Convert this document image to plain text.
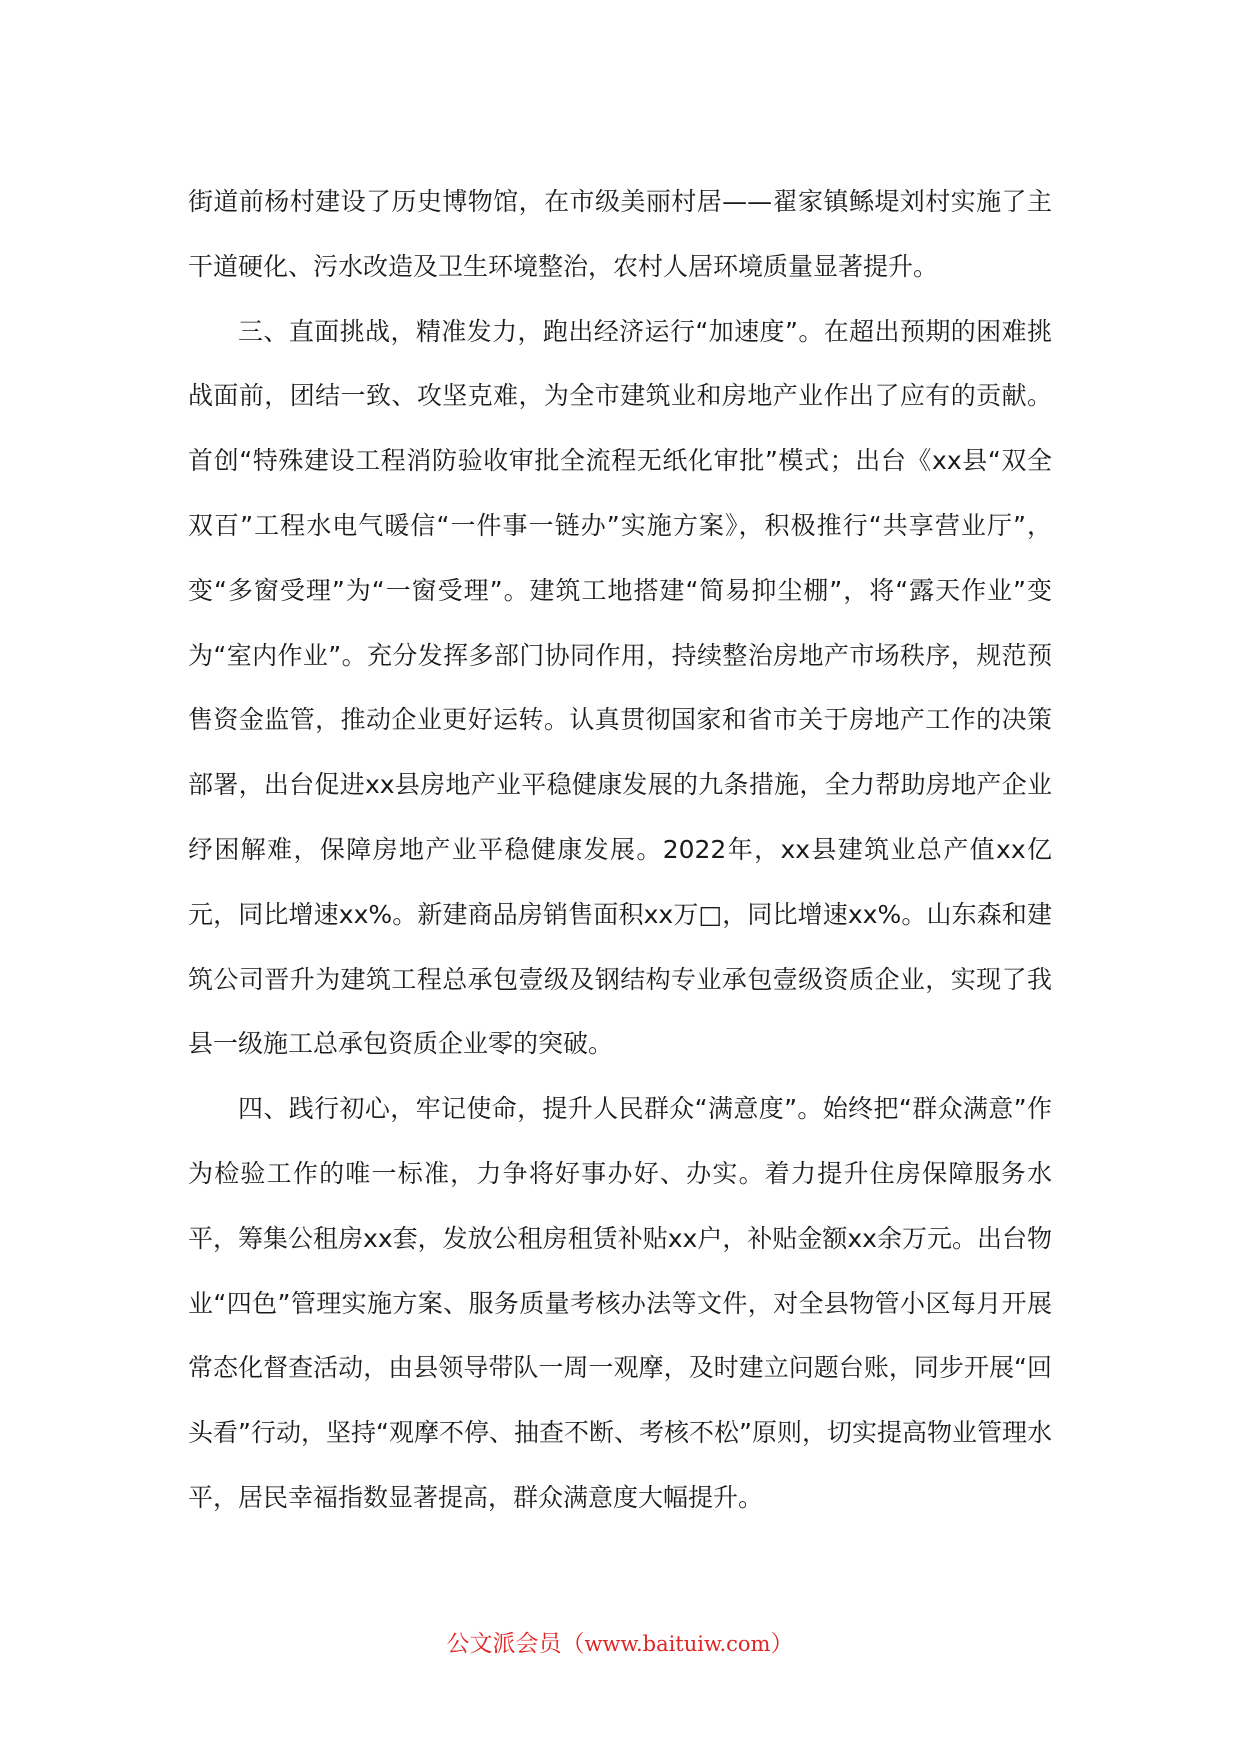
街道前杨村建设了历史博物馆，在市级美丽村居——翟家镇鲧堤刘村实施了主干道硬化、污水改造及卫生环境整治，农村人居环境质量显著提升。

三、直面挑战，精准发力，跑出经济运行“加速度”。在超出预期的困难挑战面前，团结一致、攻坚克难，为全市建筑业和房地产业作出了应有的贡献。首创“特殊建设工程消防验收审批全流程无纸化审批”模式；出台《xx县“双全双百”工程水电气暖信“一件事一链办”实施方案》，积极推行“共享营业厅”，变“多窗受理”为“一窗受理”。建筑工地搭建“简易抑尘棚”，将“露天作业”变为“室内作业”。充分发挥多部门协同作用，持续整治房地产市场秩序，规范预售资金监管，推动企业更好运转。认真贯彻国家和省市关于房地产工作的决策部署，出台促进xx县房地产业平稳健康发展的九条措施，全力帮助房地产企业纾困解难，保障房地产业平稳健康发展。2022年，xx县建筑业总产值xx亿元，同比增速xx%。新建商品房销售面积xx万□，同比增速xx%。山东森和建筑公司晋升为建筑工程总承包壹级及钢结构专业承包壹级资质企业，实现了我县一级施工总承包资质企业零的突破。

四、践行初心，牢记使命，提升人民群众“满意度”。始终把“群众满意”作为检验工作的唯一标准，力争将好事办好、办实。着力提升住房保障服务水平，筹集公租房xx套，发放公租房租赁补贴xx户，补贴金额xx余万元。出台物业“四色”管理实施方案、服务质量考核办法等文件，对全县物管小区每月开展常态化督查活动，由县领导带队一周一观摩，及时建立问题台账，同步开展“回头看”行动，坚持“观摩不停、抽查不断、考核不松”原则，切实提高物业管理水平，居民幸福指数显著提高，群众满意度大幅提升。

公文派会员（www.baituiw.com）
